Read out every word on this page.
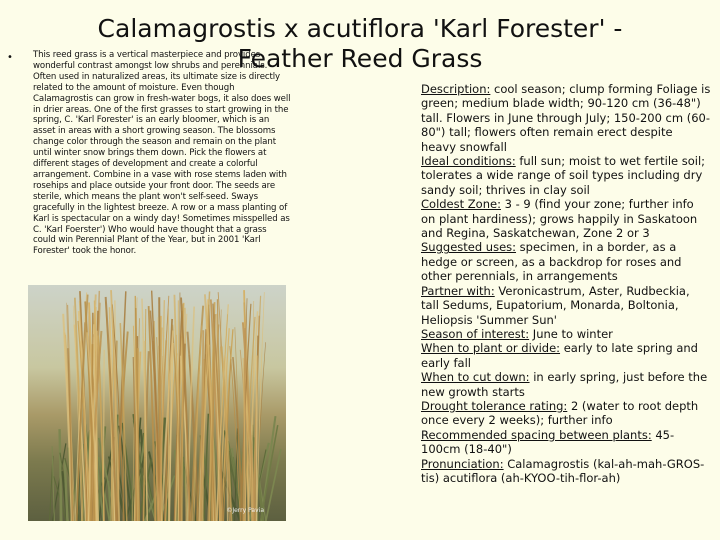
Calamagrostis x acutiflora 'Karl Forester' - Feather Reed Grass
• This reed grass is a vertical masterpiece and provides wonderful contrast amongst low shrubs and perennials. Often used in naturalized areas, its ultimate size is directly related to the amount of moisture. Even though Calamagrostis can grow in fresh-water bogs, it also does well in drier areas. One of the first grasses to start growing in the spring, C. 'Karl Forester' is an early bloomer, which is an asset in areas with a short growing season. The blossoms change color through the season and remain on the plant until winter snow brings them down. Pick the flowers at different stages of development and create a colorful arrangement. Combine in a vase with rose stems laden with rosehips and place outside your front door. The seeds are sterile, which means the plant won't self-seed. Sways gracefully in the lightest breeze. A row or a mass planting of Karl is spectacular on a windy day! Sometimes misspelled as C. 'Karl Foerster') Who would have thought that a grass could win Perennial Plant of the Year, but in 2001 'Karl Forester' took the honor.
©Jerry Pavia

Description: cool season; clump forming Foliage is green; medium blade width; 90-120 cm (36-48") tall. Flowers in June through July; 150-200 cm (60-80") tall; flowers often remain erect despite heavy snowfall

Ideal conditions: full sun; moist to wet fertile soil; tolerates a wide range of soil types including dry sandy soil; thrives in clay soil

Coldest Zone: 3 - 9 (find your zone; further info on plant hardiness); grows happily in Saskatoon and Regina, Saskatchewan, Zone 2 or 3

Suggested uses: specimen, in a border, as a hedge or screen, as a backdrop for roses and other perennials, in arrangements

Partner with: Veronicastrum, Aster, Rudbeckia, tall Sedums, Eupatorium, Monarda, Boltonia, Heliopsis 'Summer Sun'

Season of interest: June to winter

When to plant or divide: early to late spring and early fall

When to cut down: in early spring, just before the new growth starts

Drought tolerance rating: 2 (water to root depth once every 2 weeks); further info

Recommended spacing between plants: 45-100cm (18-40")

Pronunciation: Calamagrostis (kal-ah-mah-GROS-tis) acutiflora (ah-KYOO-tih-flor-ah)
